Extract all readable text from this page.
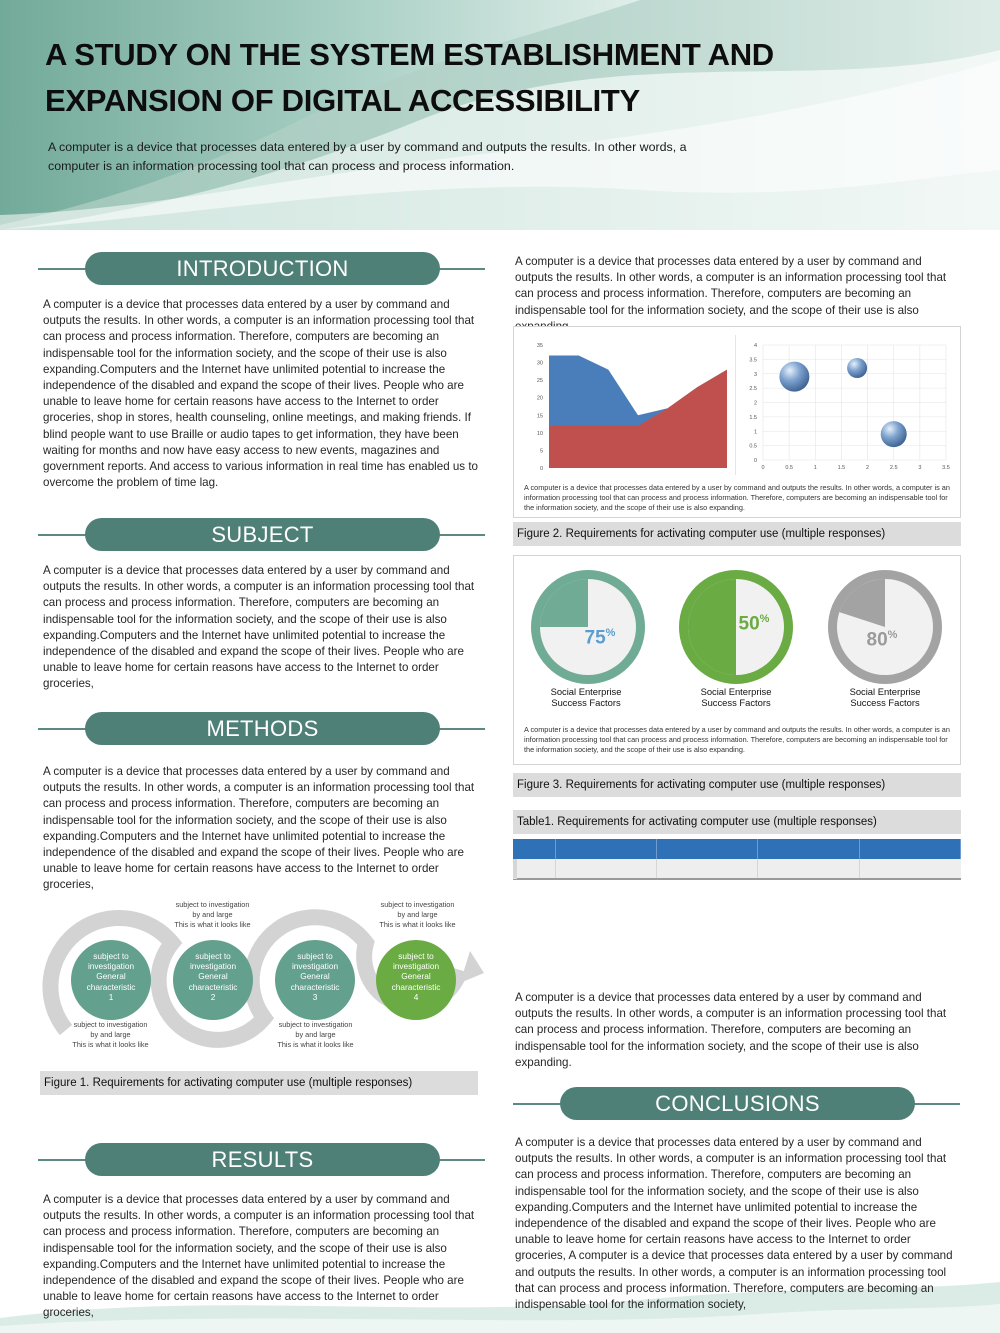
A STUDY ON THE SYSTEM ESTABLISHMENT AND
EXPANSION OF DIGITAL ACCESSIBILITY
A computer is a device that processes data entered by a user by command and outputs the results. In other words, a computer is an information processing tool that can process and process information.
INTRODUCTION
A computer is a device that processes data entered by a user by command and outputs the results. In other words, a computer is an information processing tool that can process and process information. Therefore, computers are becoming an indispensable tool for the information society, and the scope of their use is also expanding.Computers and the Internet have unlimited potential to increase the independence of the disabled and expand the scope of their lives. People who are unable to leave home for certain reasons have access to the Internet to order groceries, shop in stores, health counseling, online meetings, and making friends. If blind people want to use Braille or audio tapes to get information, they have been waiting for months and now have easy access to new events, magazines and government reports. And access to various information in real time has enabled us to overcome the problem of time lag.
SUBJECT
A computer is a device that processes data entered by a user by command and outputs the results. In other words, a computer is an information processing tool that can process and process information. Therefore, computers are becoming an indispensable tool for the information society, and the scope of their use is also expanding.Computers and the Internet have unlimited potential to increase the independence of the disabled and expand the scope of their lives. People who are unable to leave home for certain reasons have access to the Internet to order groceries,
METHODS
A computer is a device that processes data entered by a user by command and outputs the results. In other words, a computer is an information processing tool that can process and process information. Therefore, computers are becoming an indispensable tool for the information society, and the scope of their use is also expanding.Computers and the Internet have unlimited potential to increase the independence of the disabled and expand the scope of their lives. People who are unable to leave home for certain reasons have access to the Internet to order groceries,
subject to
investigation
General
characteristic
1
subject to
investigation
General
characteristic
2
subject to
investigation
General
characteristic
3
subject to
investigation
General
characteristic
4
subject to investigation
by and large
This is what it looks like
subject to investigation
by and large
This is what it looks like
subject to investigation
by and large
This is what it looks like
subject to investigation
by and large
This is what it looks like
Figure 1. Requirements for activating computer use (multiple responses)
RESULTS
A computer is a device that processes data entered by a user by command and outputs the results. In other words, a computer is an information processing tool that can process and process information. Therefore, computers are becoming an indispensable tool for the information society, and the scope of their use is also expanding.Computers and the Internet have unlimited potential to increase the independence of the disabled and expand the scope of their lives. People who are unable to leave home for certain reasons have access to the Internet to order groceries,
A computer is a device that processes data entered by a user by command and outputs the results. In other words, a computer is an information processing tool that can process and process information. Therefore, computers are becoming an indispensable tool for the information society, and the scope of their use is also
0
5
10
15
20
25
30
35
0
0.5
1
1.5
2
2.5
3
3.5
4
0	0.5	1	1.5	2	2.5	3	3.5
A computer is a device that processes data entered by a user by command and outputs the results. In other words, a computer is an information processing tool that can process and process information. Therefore, computers are becoming an indispensable tool for the information society, and the scope of their use is also expanding.
Figure 2. Requirements for activating computer use (multiple responses)
75%	50%
80%
Social Enterprise
Success Factors
Social Enterprise
Success Factors
Social Enterprise
Success Factors
A computer is a device that processes data entered by a user by command and outputs the results. In other words, a computer is an information processing tool that can process and process information. Therefore, computers are becoming an indispensable tool for the information society, and the scope of their use is also expanding.
Figure 3. Requirements for activating computer use (multiple responses)
Table1. Requirements for activating computer use (multiple responses)

A computer is a device that processes data entered by a user by command and outputs the results. In other words, a computer is an information processing tool that can process and process information. Therefore, computers are becoming an indispensable tool for the information society, and the scope of their use is also expanding.
CONCLUSIONS
A computer is a device that processes data entered by a user by command and outputs the results. In other words, a computer is an information processing tool that can process and process information. Therefore, computers are becoming an indispensable tool for the information society, and the scope of their use is also expanding.Computers and the Internet have unlimited potential to increase the independence of the disabled and expand the scope of their lives. People who are unable to leave home for certain reasons have access to the Internet to order groceries, A computer is a device that processes data entered by a user by command and outputs the results. In other words, a computer is an information processing tool that can process and process information. Therefore, computers are becoming an indispensable tool for the information society,
